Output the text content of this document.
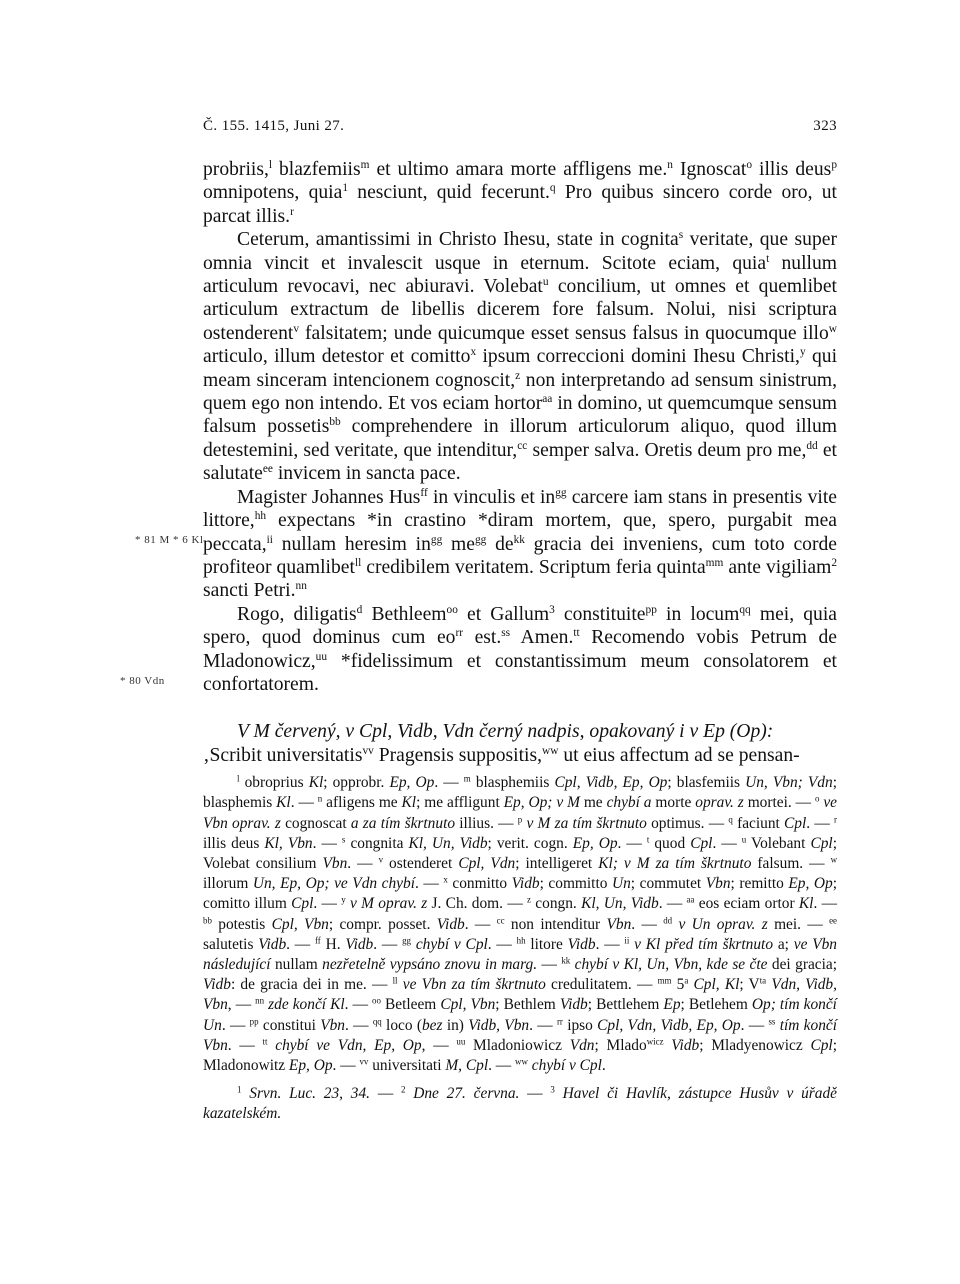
Č. 155. 1415, Juni 27.	323
* 81 M * 6 Kl
* 80 Vdn

probriis,$^l$ blazfemiis$^m$ et ultimo amara morte affligens me.$^n$ Ignoscat$^o$ illis deus$^p$ omnipotens, quia$^1$ nesciunt, quid fecerunt.$^q$ Pro quibus sincero corde oro, ut parcat illis.$^r$

Ceterum, amantissimi in Christo Ihesu, state in cognita$^s$ veritate, que super omnia vincit et invalescit usque in eternum. Scitote eciam, quia$^t$ nullum articulum revocavi, nec abiuravi. Volebat$^u$ concilium, ut omnes et quemlibet articulum extractum de libellis dicerem fore falsum. Nolui, nisi scriptura ostenderent$^v$ falsitatem; unde quicumque esset sensus falsus in quocumque illo$^w$ articulo, illum detestor et comitto$^x$ ipsum correccioni domini Ihesu Christi,$^y$ qui meam sinceram intencionem cognoscit,$^z$ non interpretando ad sensum sinistrum, quem ego non intendo. Et vos eciam hortor$^{aa}$ in domino, ut quemcumque sensum falsum possetis$^{bb}$ comprehendere in illorum articulorum aliquo, quod illum detestemini, sed veritate, que intenditur,$^{cc}$ semper salva. Oretis deum pro me,$^{dd}$ et salutate$^{ee}$ invicem in sancta pace.

Magister Johannes Hus$^{ff}$ in vinculis et $in^{gg}$ carcere iam stans in presentis vite littore,$^{hh}$ expectans *in crastino *diram mortem, que, spero, purgabit mea peccata,$^{ii}$ nullam heresim $in^{gg}$ $me^{gg}$ $de^{kk}$ gracia dei inveniens, cum toto corde profiteor quamlibet$^{ll}$ credibilem veritatem. Scriptum feria quinta$^{mm}$ ante vigiliam$^2$ sancti Petri.$^{nn}$

Rogo, diligatis$^d$ Bethleem$^{oo}$ et Gallum$^3$ constituite$^{pp}$ in locum$^{qq}$ mei, quia spero, quod dominus cum $eo^{rr}$ est.$^{ss}$ Amen.$^{tt}$ Recomendo vobis Petrum de Mladonowicz,$^{uu}$ *fidelissimum et constantissimum meum consolatorem et confortatorem.

V M červený, v Cpl, Vidb, Vdn černý nadpis, opakovaný i v Ep (Op):
‚Scribit universitatis$^{vv}$ Pragensis suppositis,$^{ww}$ ut eius affectum ad se pensan-

$^l$ obroprius Kl; opprobr. Ep, Op. — $^m$ blasphemiis Cpl, Vidb, Ep, Op; blasfemiis Un, Vbn; Vdn; blasphemis Kl. — $^n$ afligens me Kl; me affligunt Ep, Op; v M me chybí a morte oprav. z mortei. — $^o$ ve Vbn oprav. z cognoscat a za tím škrtnuto illius. — $^p$ v M za tím škrtnuto optimus. — $^q$ faciunt Cpl. — $^r$ illis deus Kl, Vbn. — $^s$ congnita Kl, Un, Vidb; verit. cogn. Ep, Op. — $^t$ quod Cpl. — $^u$ Volebant Cpl; Volebat consilium Vbn. — $^v$ ostenderet Cpl, Vdn; intelligeret Kl; v M za tím škrtnuto falsum. — $^w$ illorum Un, Ep, Op; ve Vdn chybí. — $^x$ conmitto Vidb; committo Un; commutet Vbn; remitto Ep, Op; comitto illum Cpl. — $^y$ v M oprav. z J. Ch. dom. — $^z$ congn. Kl, Un, Vidb. — $^{aa}$ eos eciam ortor Kl. — $^{bb}$ potestis Cpl, Vbn; compr. posset. Vidb. — $^{cc}$ non intenditur Vbn. — $^{dd}$ v Un oprav. z mei. — $^{ee}$ salutetis Vidb. — $^{ff}$ H. Vidb. — $^{gg}$ chybí v Cpl. — $^{hh}$ litore Vidb. — $^{ii}$ v Kl před tím škrtnuto a; ve Vbn následující nullam nezřetelně vypsáno znovu in marg. — $^{kk}$ chybí v Kl, Un, Vbn, kde se čte dei gracia; Vidb: de gracia dei in me. — $^{ll}$ ve Vbn za tím škrtnuto credulitatem. — $^{mm}$ 5$^a$ Cpl, Kl; $V^{ta}$ Vdn, Vidb, Vbn, — $^{nn}$ zde končí Kl. — $^{oo}$ Betleem Cpl, Vbn; Bethlem Vidb; Bettlehem Ep; Betlehem Op; tím končí Un. — $^{pp}$ constitui Vbn. — $^{qq}$ loco (bez in) Vidb, Vbn. — $^{rr}$ ipso Cpl, Vdn, Vidb, Ep, Op. — $^{ss}$ tím končí Vbn. — $^{tt}$ chybí ve Vdn, Ep, Op, — $^{uu}$ Mladoniowicz Vdn; Mlado$^{wicz}$ Vidb; Mladyenowicz Cpl; Mladonowitz Ep, Op. — $^{vv}$ universitati M, Cpl. — $^{ww}$ chybí v Cpl.

$^1$ Srvn. Luc. 23, 34. — $^2$ Dne 27. června. — $^3$ Havel či Havlík, zástupce Husův v úřadě kazatelském.
